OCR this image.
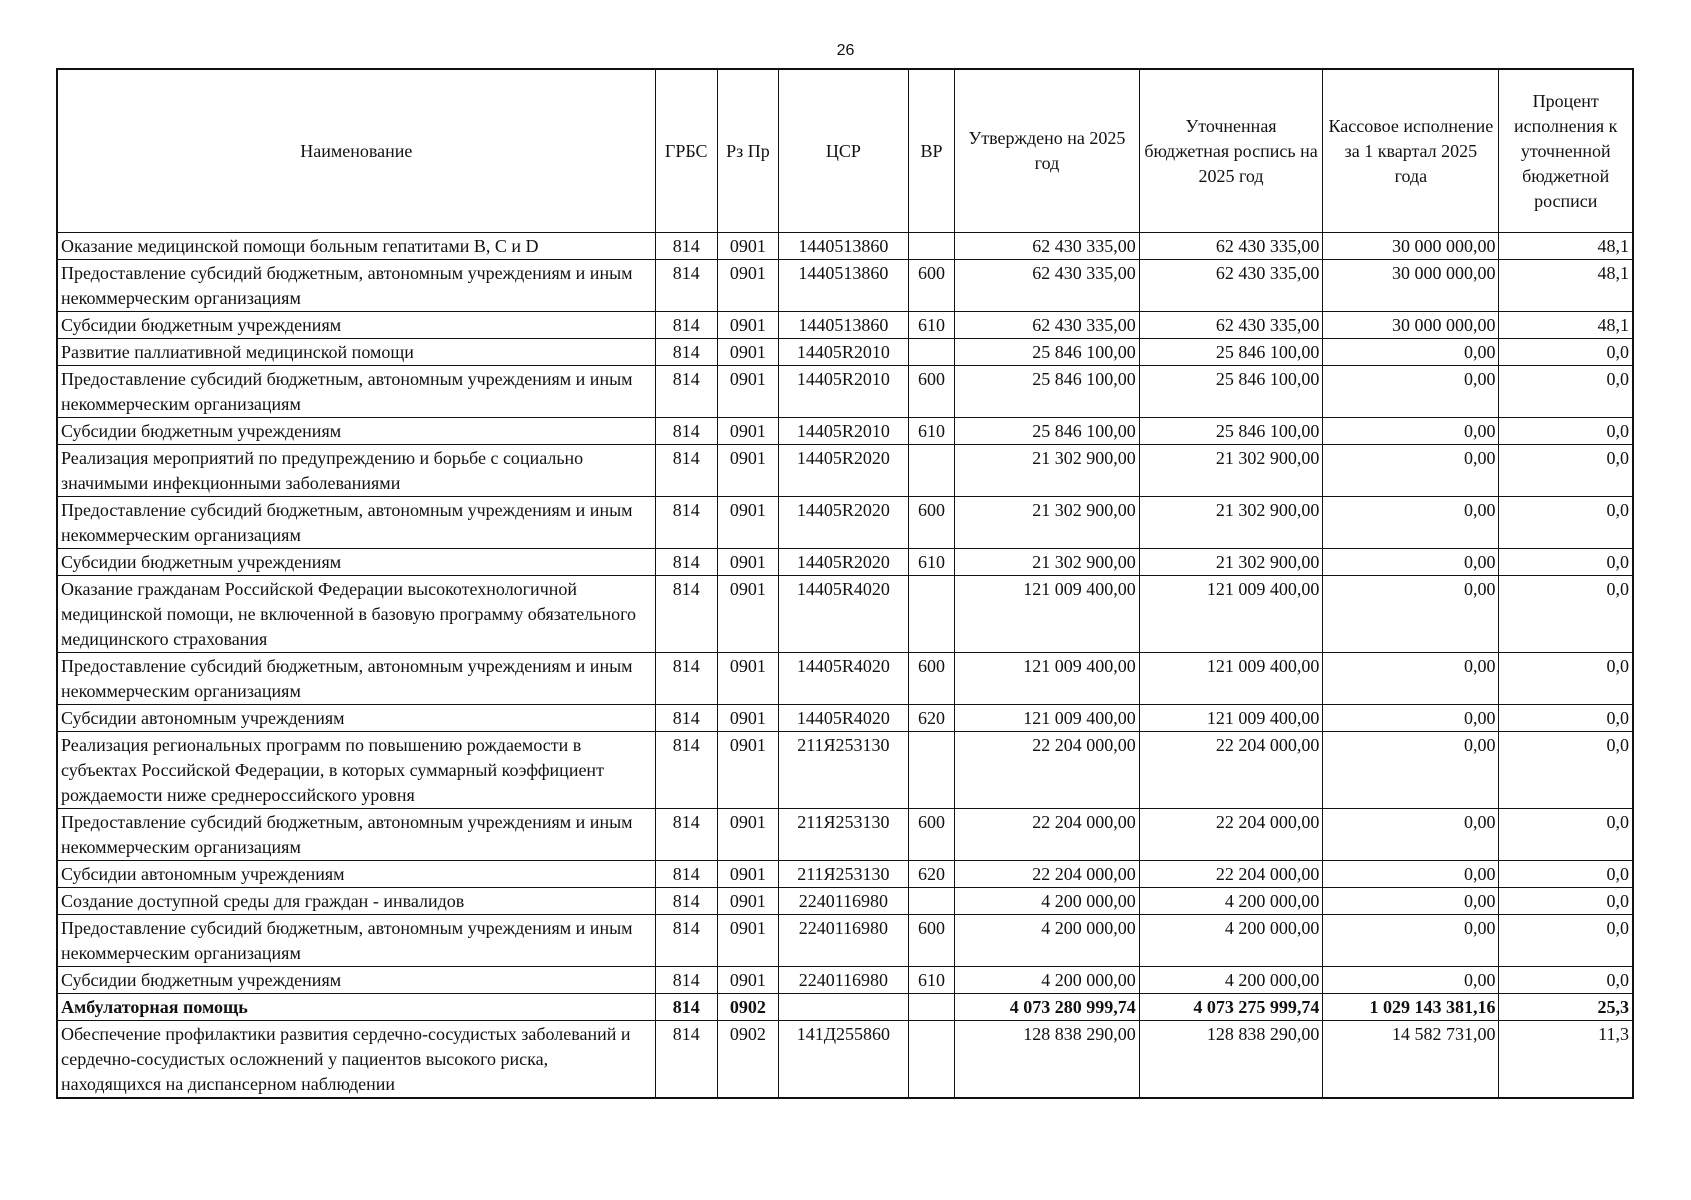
26
Наименование	ГРБС	Рз Пр	ЦСР	ВР	Утверждено на 2025 год	Уточненная бюджетная роспись на 2025 год	Кассовое исполнение за 1 квартал 2025 года	Процент исполнения к уточненной бюджетной росписи
Оказание медицинской помощи больным гепатитами В, С и D	814	0901	1440513860		62 430 335,00	62 430 335,00	30 000 000,00	48,1
Предоставление субсидий бюджетным, автономным учреждениям и иным некоммерческим организациям	814	0901	1440513860	600	62 430 335,00	62 430 335,00	30 000 000,00	48,1
Субсидии бюджетным учреждениям	814	0901	1440513860	610	62 430 335,00	62 430 335,00	30 000 000,00	48,1
Развитие паллиативной медицинской помощи	814	0901	14405R2010		25 846 100,00	25 846 100,00	0,00	0,0
Предоставление субсидий бюджетным, автономным учреждениям и иным некоммерческим организациям	814	0901	14405R2010	600	25 846 100,00	25 846 100,00	0,00	0,0
Субсидии бюджетным учреждениям	814	0901	14405R2010	610	25 846 100,00	25 846 100,00	0,00	0,0
Реализация мероприятий по предупреждению и борьбе с социально значимыми инфекционными заболеваниями	814	0901	14405R2020		21 302 900,00	21 302 900,00	0,00	0,0
Предоставление субсидий бюджетным, автономным учреждениям и иным некоммерческим организациям	814	0901	14405R2020	600	21 302 900,00	21 302 900,00	0,00	0,0
Субсидии бюджетным учреждениям	814	0901	14405R2020	610	21 302 900,00	21 302 900,00	0,00	0,0
Оказание гражданам Российской Федерации высокотехнологичной медицинской помощи, не включенной в базовую программу обязательного медицинского страхования	814	0901	14405R4020		121 009 400,00	121 009 400,00	0,00	0,0
Предоставление субсидий бюджетным, автономным учреждениям и иным некоммерческим организациям	814	0901	14405R4020	600	121 009 400,00	121 009 400,00	0,00	0,0
Субсидии автономным учреждениям	814	0901	14405R4020	620	121 009 400,00	121 009 400,00	0,00	0,0
Реализация региональных программ по повышению рождаемости в субъектах Российской Федерации, в которых суммарный коэффициент рождаемости ниже среднероссийского уровня	814	0901	211Я253130		22 204 000,00	22 204 000,00	0,00	0,0
Предоставление субсидий бюджетным, автономным учреждениям и иным некоммерческим организациям	814	0901	211Я253130	600	22 204 000,00	22 204 000,00	0,00	0,0
Субсидии автономным учреждениям	814	0901	211Я253130	620	22 204 000,00	22 204 000,00	0,00	0,0
Создание доступной среды для граждан - инвалидов	814	0901	2240116980		4 200 000,00	4 200 000,00	0,00	0,0
Предоставление субсидий бюджетным, автономным учреждениям и иным некоммерческим организациям	814	0901	2240116980	600	4 200 000,00	4 200 000,00	0,00	0,0
Субсидии бюджетным учреждениям	814	0901	2240116980	610	4 200 000,00	4 200 000,00	0,00	0,0
Амбулаторная помощь	814	0902			4 073 280 999,74	4 073 275 999,74	1 029 143 381,16	25,3
Обеспечение профилактики развития сердечно-сосудистых заболеваний и сердечно-сосудистых осложнений у пациентов высокого риска, находящихся на диспансерном наблюдении	814	0902	141Д255860		128 838 290,00	128 838 290,00	14 582 731,00	11,3
